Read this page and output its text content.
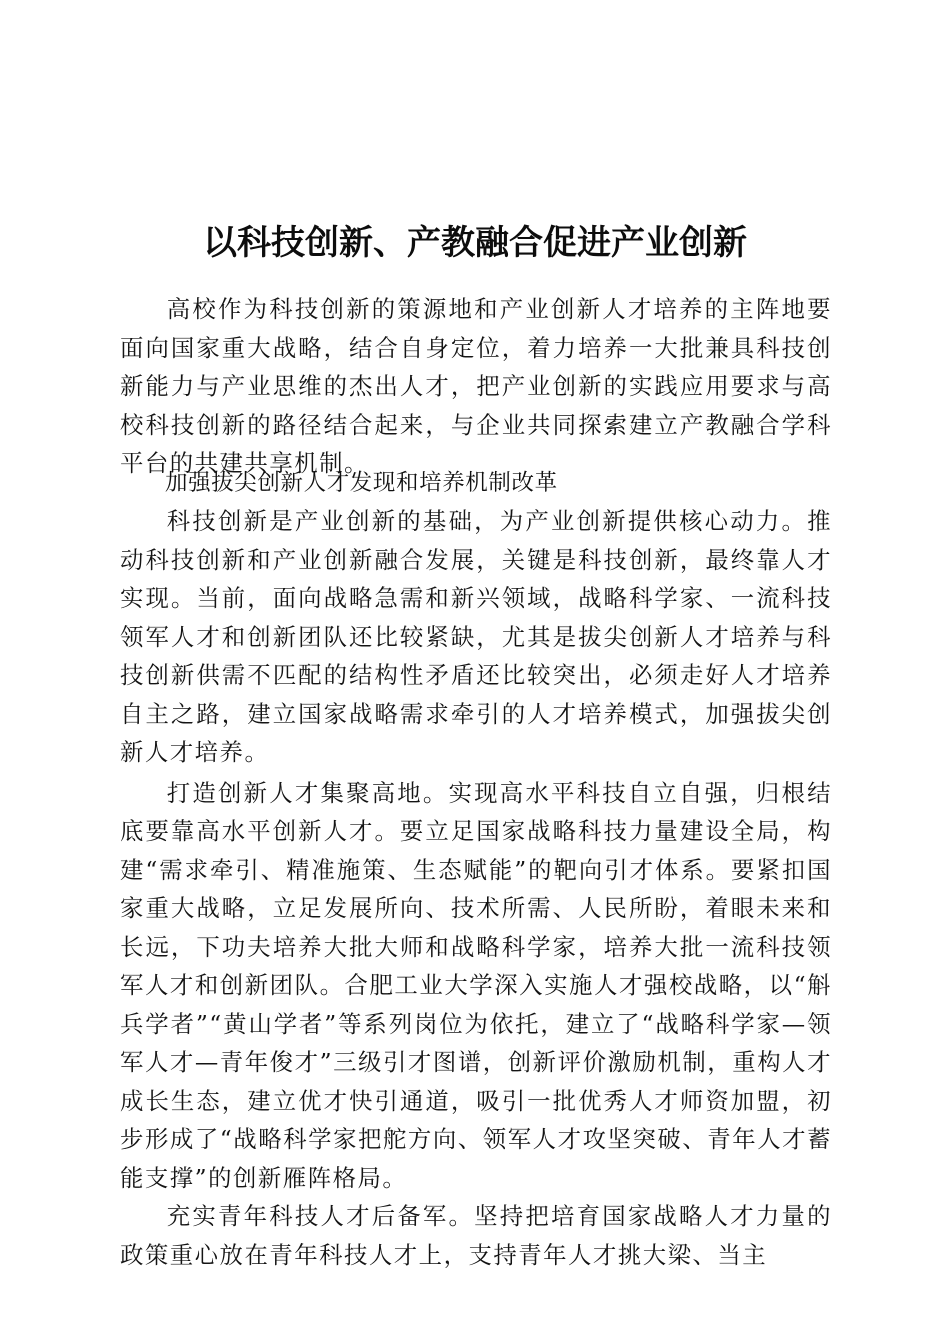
以科技创新、产教融合促进产业创新

高校作为科技创新的策源地和产业创新人才培养的主阵地要面向国家重大战略，结合自身定位，着力培养一大批兼具科技创新能力与产业思维的杰出人才，把产业创新的实践应用要求与高校科技创新的路径结合起来，与企业共同探索建立产教融合学科平台的共建共享机制。

加强拔尖创新人才发现和培养机制改革

科技创新是产业创新的基础，为产业创新提供核心动力。推动科技创新和产业创新融合发展，关键是科技创新，最终靠人才实现。当前，面向战略急需和新兴领域，战略科学家、一流科技领军人才和创新团队还比较紧缺，尤其是拔尖创新人才培养与科技创新供需不匹配的结构性矛盾还比较突出，必须走好人才培养自主之路，建立国家战略需求牵引的人才培养模式，加强拔尖创新人才培养。

打造创新人才集聚高地。实现高水平科技自立自强，归根结底要靠高水平创新人才。要立足国家战略科技力量建设全局，构建“需求牵引、精准施策、生态赋能”的靶向引才体系。要紧扣国家重大战略，立足发展所向、技术所需、人民所盼，着眼未来和长远，下功夫培养大批大师和战略科学家，培养大批一流科技领军人才和创新团队。合肥工业大学深入实施人才强校战略，以“斛兵学者”“黄山学者”等系列岗位为依托，建立了“战略科学家—领军人才—青年俊才”三级引才图谱，创新评价激励机制，重构人才成长生态，建立优才快引通道，吸引一批优秀人才师资加盟，初步形成了“战略科学家把舵方向、领军人才攻坚突破、青年人才蓄能支撑”的创新雁阵格局。

充实青年科技人才后备军。坚持把培育国家战略人才力量的政策重心放在青年科技人才上，支持青年人才挑大梁、当主
